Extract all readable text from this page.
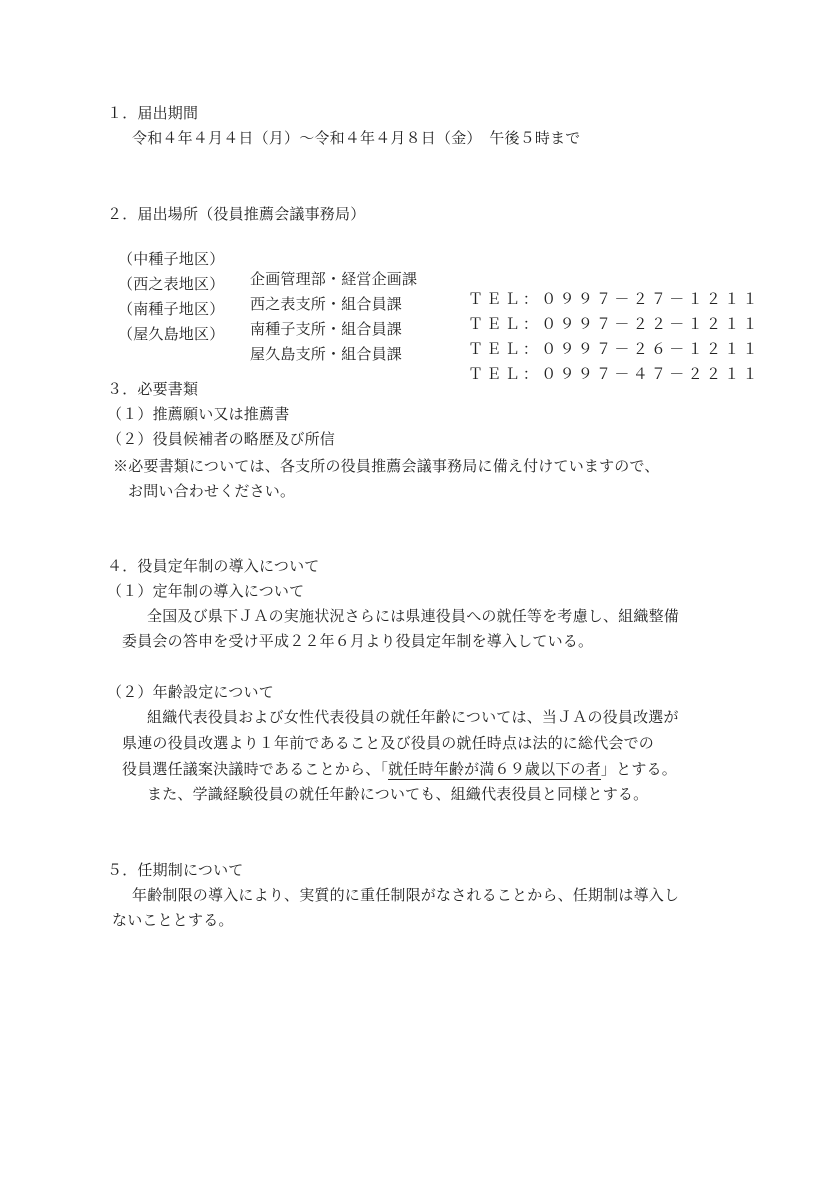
１．届出期間
令和４年４月４日（月）～令和４年４月８日（金）　午後５時まで
２．届出場所（役員推薦会議事務局）

（中種子地区）

企画管理部・経営企画課

ＴＥＬ：０９９７－２７－１２１１

（西之表地区）

西之表支所・組合員課

ＴＥＬ：０９９７－２２－１２１１

（南種子地区）

南種子支所・組合員課

ＴＥＬ：０９９７－２６－１２１１

（屋久島地区）

屋久島支所・組合員課

ＴＥＬ：０９９７－４７－２２１１

３．必要書類
（１）推薦願い又は推薦書
（２）役員候補者の略歴及び所信
※必要書類については、各支所の役員推薦会議事務局に備え付けていますので、
お問い合わせください。
４．役員定年制の導入について
（１）定年制の導入について
全国及び県下ＪＡの実施状況さらには県連役員への就任等を考慮し、組織整備
委員会の答申を受け平成２２年６月より役員定年制を導入している。
（２）年齢設定について
組織代表役員および女性代表役員の就任年齢については、当ＪＡの役員改選が
県連の役員改選より１年前であること及び役員の就任時点は法的に総代会での
役員選任議案決議時であることから、「就任時年齢が満６９歳以下の者」とする。
また、学識経験役員の就任年齢についても、組織代表役員と同様とする。
５．任期制について
年齢制限の導入により、実質的に重任制限がなされることから、任期制は導入し
ないこととする。
